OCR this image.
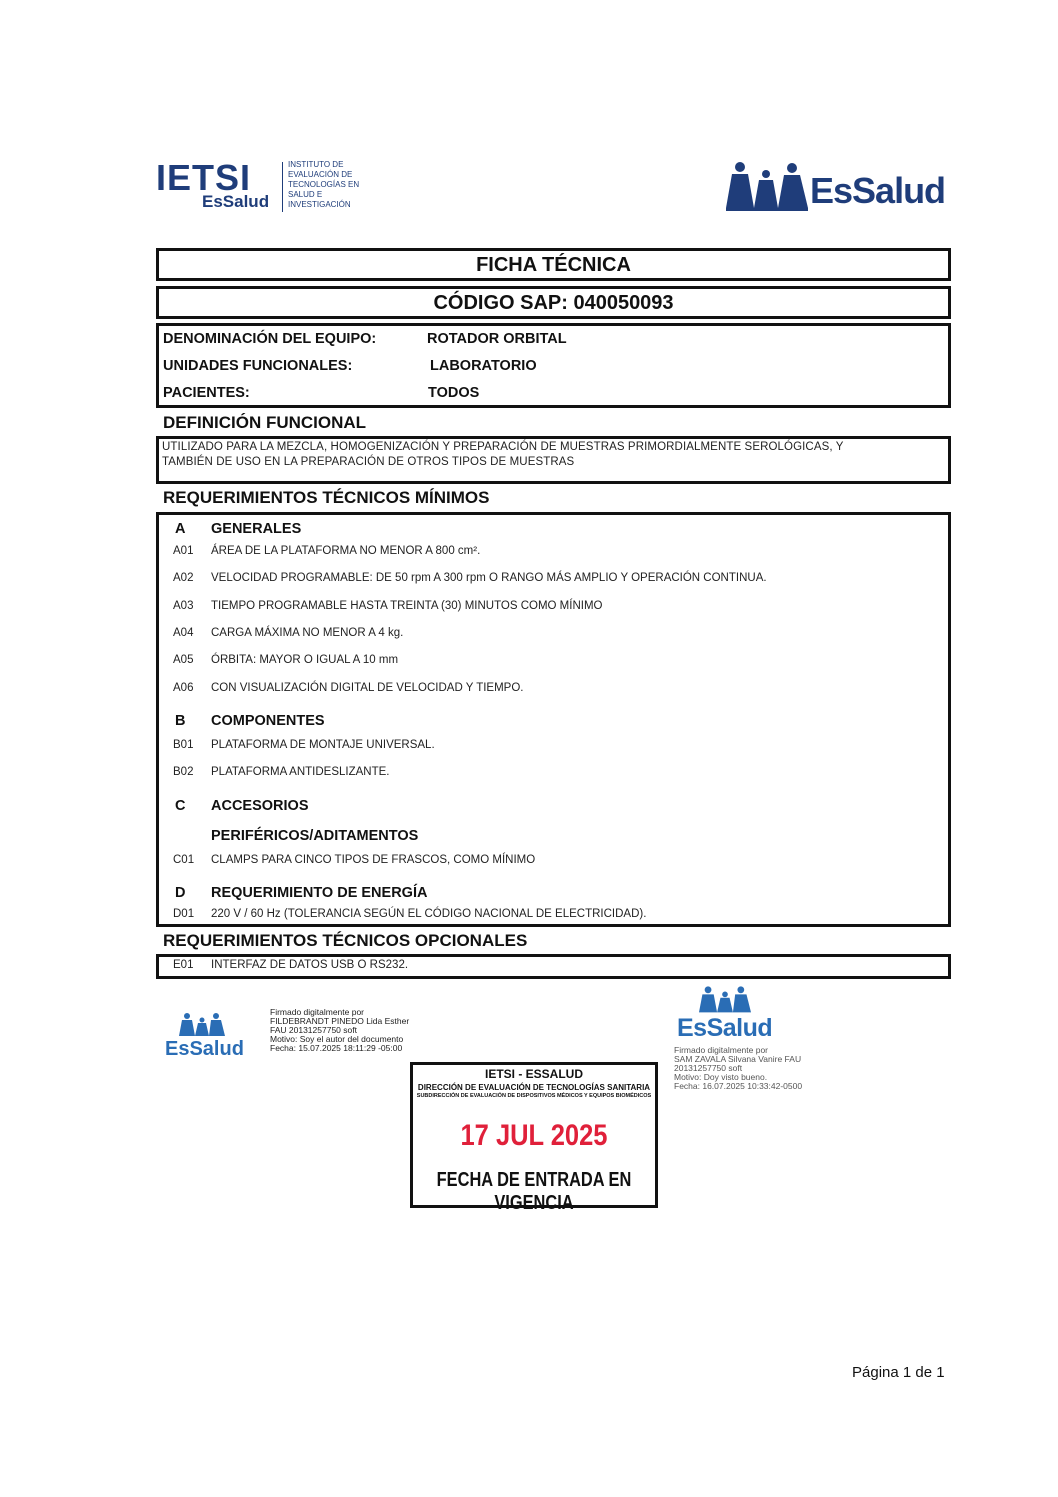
IETSI
EsSalud
INSTITUTO DE EVALUACIÓN DE TECNOLOGÍAS EN SALUD E INVESTIGACIÓN	EsSalud
FICHA TÉCNICA
CÓDIGO SAP: 040050093
DENOMINACIÓN DEL EQUIPO:	ROTADOR ORBITAL
UNIDADES FUNCIONALES:	LABORATORIO
PACIENTES:	TODOS
DEFINICIÓN FUNCIONAL
UTILIZADO PARA LA MEZCLA, HOMOGENIZACIÓN Y PREPARACIÓN DE MUESTRAS PRIMORDIALMENTE SEROLÓGICAS, Y
TAMBIÉN DE USO EN LA PREPARACIÓN DE OTROS TIPOS DE MUESTRAS
REQUERIMIENTOS TÉCNICOS MÍNIMOS
A GENERALES
A01 ÁREA DE LA PLATAFORMA NO MENOR A 800 cm².
A02 VELOCIDAD PROGRAMABLE: DE 50 rpm A 300 rpm O RANGO MÁS AMPLIO Y OPERACIÓN CONTINUA.
A03 TIEMPO PROGRAMABLE HASTA TREINTA (30) MINUTOS COMO MÍNIMO
A04 CARGA MÁXIMA NO MENOR A 4 kg.
A05 ÓRBITA: MAYOR O IGUAL A 10 mm
A06 CON VISUALIZACIÓN DIGITAL DE VELOCIDAD Y TIEMPO.
B COMPONENTES
B01 PLATAFORMA DE MONTAJE UNIVERSAL.
B02 PLATAFORMA ANTIDESLIZANTE.
C ACCESORIOS
PERIFÉRICOS/ADITAMENTOS
C01 CLAMPS PARA CINCO TIPOS DE FRASCOS, COMO MÍNIMO
D REQUERIMIENTO DE ENERGÍA
D01 220 V / 60 Hz (TOLERANCIA SEGÚN EL CÓDIGO NACIONAL DE ELECTRICIDAD).
REQUERIMIENTOS TÉCNICOS OPCIONALES
E01 INTERFAZ DE DATOS USB O RS232.
EsSalud
Firmado digitalmente por
FILDEBRANDT PINEDO Lida Esther
FAU 20131257750 soft
Motivo: Soy el autor del documento
Fecha: 15.07.2025 18:11:29 -05:00
EsSalud
Firmado digitalmente por
SAM ZAVALA Silvana Vanire FAU
20131257750 soft
Motivo: Doy visto bueno.
Fecha: 16.07.2025 10:33:42-0500
IETSI - ESSALUD
DIRECCIÓN DE EVALUACIÓN DE TECNOLOGÍAS SANITARIA
SUBDIRECCIÓN DE EVALUACIÓN DE DISPOSITIVOS MÉDICOS Y EQUIPOS BIOMÉDICOS
17 JUL 2025
FECHA DE ENTRADA EN VIGENCIA
Página 1 de 1
